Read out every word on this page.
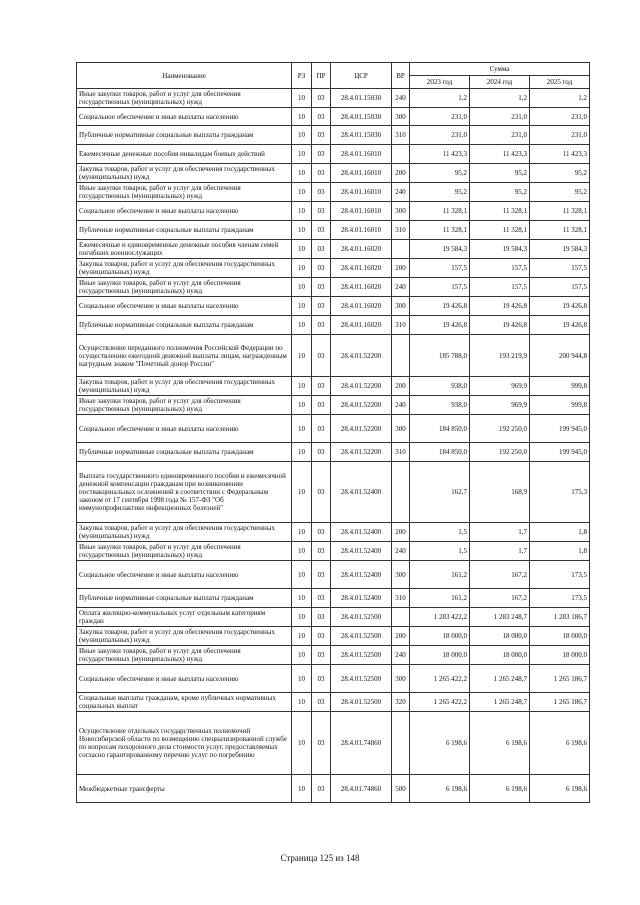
Наименование	РЗ	ПР	ЦСР	ВР	Сумма		
					2023 год	2024 год	2025 год
Иные закупки товаров, работ и услуг для обеспечения государственных (муниципальных) нужд	10	03	28.4.01.15030	240	1,2	1,2	1,2
Социальное обеспечение и иные выплаты населению	10	03	28.4.01.15030	300	231,0	231,0	231,0
Публичные нормативные социальные выплаты гражданам	10	03	28.4.01.15030	310	231,0	231,0	231,0
Ежемесячные денежные пособия инвалидам боевых действий	10	03	28.4.01.16010		11 423,3	11 423,3	11 423,3
Закупка товаров, работ и услуг для обеспечения государственных (муниципальных) нужд	10	03	28.4.01.16010	200	95,2	95,2	95,2
Иные закупки товаров, работ и услуг для обеспечения государственных (муниципальных) нужд	10	03	28.4.01.16010	240	95,2	95,2	95,2
Социальное обеспечение и иные выплаты населению	10	03	28.4.01.16010	300	11 328,1	11 328,1	11 328,1
Публичные нормативные социальные выплаты гражданам	10	03	28.4.01.16010	310	11 328,1	11 328,1	11 328,1
Ежемесячные и единовременные денежные пособия членам семей погибших военнослужащих	10	03	28.4.01.16020		19 584,3	19 584,3	19 584,3
Закупка товаров, работ и услуг для обеспечения государственных (муниципальных) нужд	10	03	28.4.01.16020	200	157,5	157,5	157,5
Иные закупки товаров, работ и услуг для обеспечения государственных (муниципальных) нужд	10	03	28.4.01.16020	240	157,5	157,5	157,5
Социальное обеспечение и иные выплаты населению	10	03	28.4.01.16020	300	19 426,8	19 426,8	19 426,8
Публичные нормативные социальные выплаты гражданам	10	03	28.4.01.16020	310	19 426,8	19 426,8	19 426,8
Осуществление переданного полномочия Российской Федерации по осуществлению ежегодной денежной выплаты лицам, награжденным нагрудным знаком "Почетный донор России"	10	03	28.4.01.52200		185 788,0	193 219,9	200 944,8
Закупка товаров, работ и услуг для обеспечения государственных (муниципальных) нужд	10	03	28.4.01.52200	200	938,0	969,9	999,8
Иные закупки товаров, работ и услуг для обеспечения государственных (муниципальных) нужд	10	03	28.4.01.52200	240	938,0	969,9	999,8
Социальное обеспечение и иные выплаты населению	10	03	28.4.01.52200	300	184 850,0	192 250,0	199 945,0
Публичные нормативные социальные выплаты гражданам	10	03	28.4.01.52200	310	184 850,0	192 250,0	199 945,0
Выплата государственного единовременного пособия и ежемесячной денежной компенсации гражданам при возникновении поствакцинальных осложнений в соответствии с Федеральным законом от 17 сентября 1998 года № 157-ФЗ "Об иммунопрофилактике инфекционных болезней"	10	03	28.4.01.52400		162,7	168,9	175,3
Закупка товаров, работ и услуг для обеспечения государственных (муниципальных) нужд	10	03	28.4.01.52400	200	1,5	1,7	1,8
Иные закупки товаров, работ и услуг для обеспечения государственных (муниципальных) нужд	10	03	28.4.01.52400	240	1,5	1,7	1,8
Социальное обеспечение и иные выплаты населению	10	03	28.4.01.52400	300	161,2	167,2	173,5
Публичные нормативные социальные выплаты гражданам	10	03	28.4.01.52400	310	161,2	167,2	173,5
Оплата жилищно-коммунальных услуг отдельным категориям граждан	10	03	28.4.01.52500		1 283 422,2	1 283 248,7	1 283 186,7
Закупка товаров, работ и услуг для обеспечения государственных (муниципальных) нужд	10	03	28.4.01.52500	200	18 000,0	18 000,0	18 000,0
Иные закупки товаров, работ и услуг для обеспечения государственных (муниципальных) нужд	10	03	28.4.01.52500	240	18 000,0	18 000,0	18 000,0
Социальное обеспечение и иные выплаты населению	10	03	28.4.01.52500	300	1 265 422,2	1 265 248,7	1 265 186,7
Социальные выплаты гражданам, кроме публичных нормативных социальных выплат	10	03	28.4.01.52500	320	1 265 422,2	1 265 248,7	1 265 186,7
Осуществление отдельных государственных полномочий Новосибирской области по возмещению специализированной службе по вопросам похоронного дела стоимости услуг, предоставляемых согласно гарантированному перечню услуг по погребению	10	03	28.4.01.74860		6 198,6	6 198,6	6 198,6
Межбюджетные трансферты	10	03	28.4.01.74860	500	6 198,6	6 198,6	6 198,6
Страница 125 из 148
